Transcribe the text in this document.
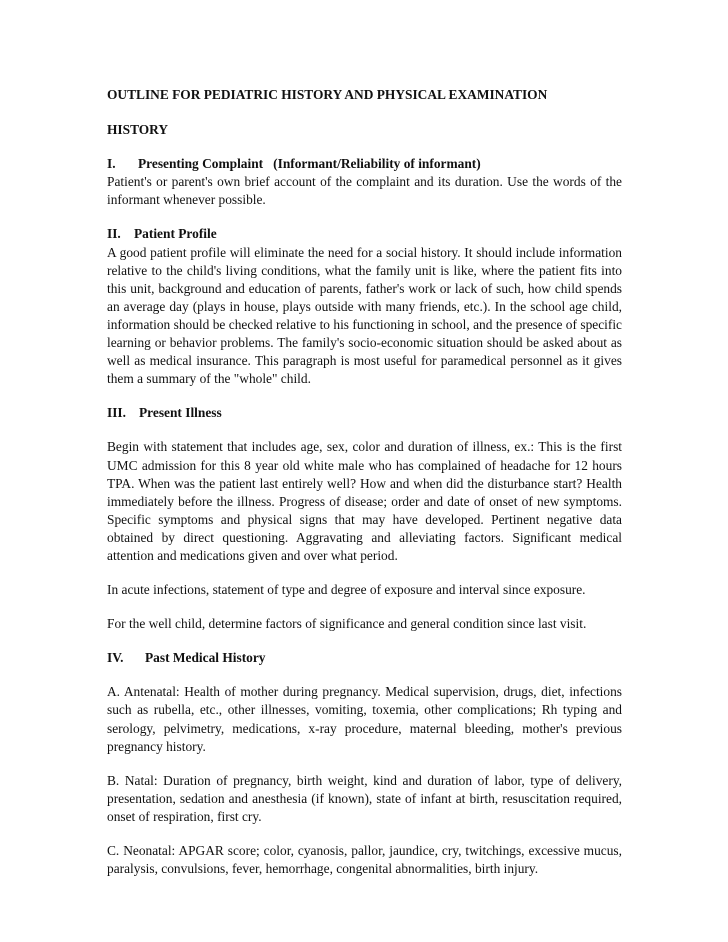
OUTLINE FOR PEDIATRIC HISTORY AND PHYSICAL EXAMINATION
HISTORY
I. Presenting Complaint   (Informant/Reliability of informant)

Patient's or parent's own brief account of the complaint and its duration. Use the words of the informant whenever possible.

II. Patient Profile

A good patient profile will eliminate the need for a social history. It should include information relative to the child's living conditions, what the family unit is like, where the patient fits into this unit, background and education of parents, father's work or lack of such, how child spends an average day (plays in house, plays outside with many friends, etc.). In the school age child, information should be checked relative to his functioning in school, and the presence of specific learning or behavior problems. The family's socio-economic situation should be asked about as well as medical insurance. This paragraph is most useful for paramedical personnel as it gives them a summary of the "whole" child.

III. Present Illness

Begin with statement that includes age, sex, color and duration of illness, ex.: This is the first UMC admission for this 8 year old white male who has complained of headache for 12 hours TPA. When was the patient last entirely well? How and when did the disturbance start? Health immediately before the illness. Progress of disease; order and date of onset of new symptoms. Specific symptoms and physical signs that may have developed. Pertinent negative data obtained by direct questioning. Aggravating and alleviating factors. Significant medical attention and medications given and over what period.

In acute infections, statement of type and degree of exposure and interval since exposure.

For the well child, determine factors of significance and general condition since last visit.

IV. Past Medical History

A. Antenatal: Health of mother during pregnancy. Medical supervision, drugs, diet, infections such as rubella, etc., other illnesses, vomiting, toxemia, other complications; Rh typing and serology, pelvimetry, medications, x-ray procedure, maternal bleeding, mother's previous pregnancy history.

B. Natal: Duration of pregnancy, birth weight, kind and duration of labor, type of delivery, presentation, sedation and anesthesia (if known), state of infant at birth, resuscitation required, onset of respiration, first cry.

C. Neonatal: APGAR score; color, cyanosis, pallor, jaundice, cry, twitchings, excessive mucus, paralysis, convulsions, fever, hemorrhage, congenital abnormalities, birth injury.
